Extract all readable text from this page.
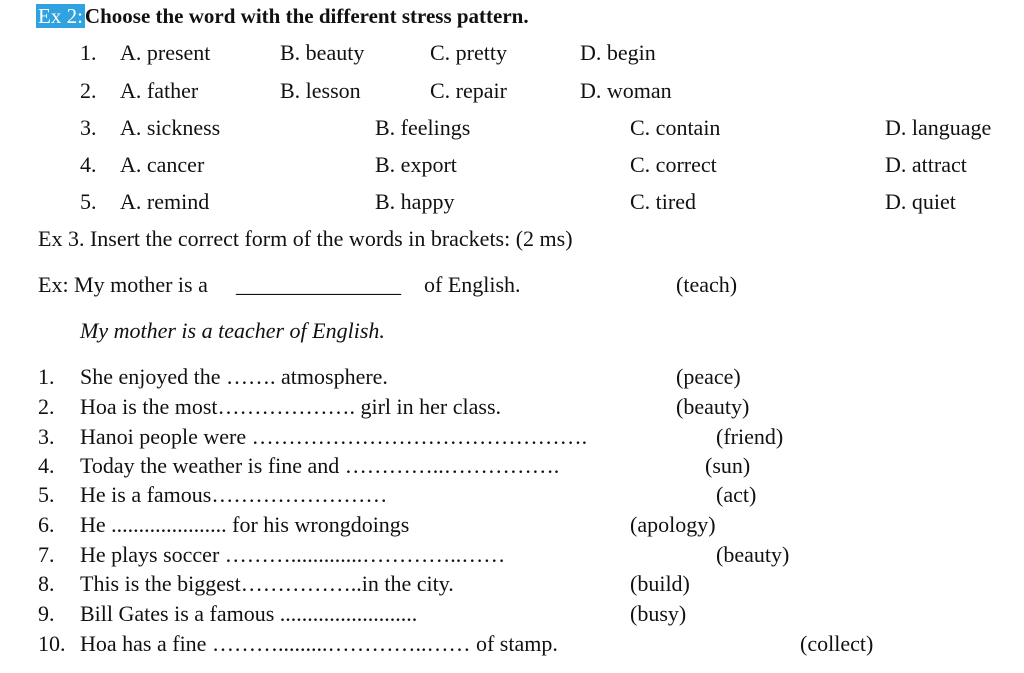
Ex 2:Choose the word with the different stress pattern.
1. A. present	B. beauty	C. pretty	D. begin
2. A. father	B. lesson	C. repair	D. woman
3. A. sickness	B. feelings	C. contain	D. language
4. A. cancer	B. export	C. correct	D. attract
5. A. remind	B. happy	C. tired	D. quiet
Ex 3. Insert the correct form of the words in brackets: (2 ms)
Ex: My mother is a _______________ of English.	(teach)
My mother is a teacher of English.
1. She enjoyed the ……. atmosphere.	(peace)
2. Hoa is the most………………. girl in her class.	(beauty)
3. Hanoi people were ……………………………………….	(friend)
4. Today the weather is fine and …………..…………….	(sun)
5. He is a famous……………………	(act)
6. He ..................... for his wrongdoings	(apology)
7. He plays soccer ……….............…………..……	(beauty)
8. This is the biggest……………..in the city.	(build)
9. Bill Gates is a famous .........................	(busy)
10. Hoa has a fine ……….........…………..…… of stamp.	(collect)
